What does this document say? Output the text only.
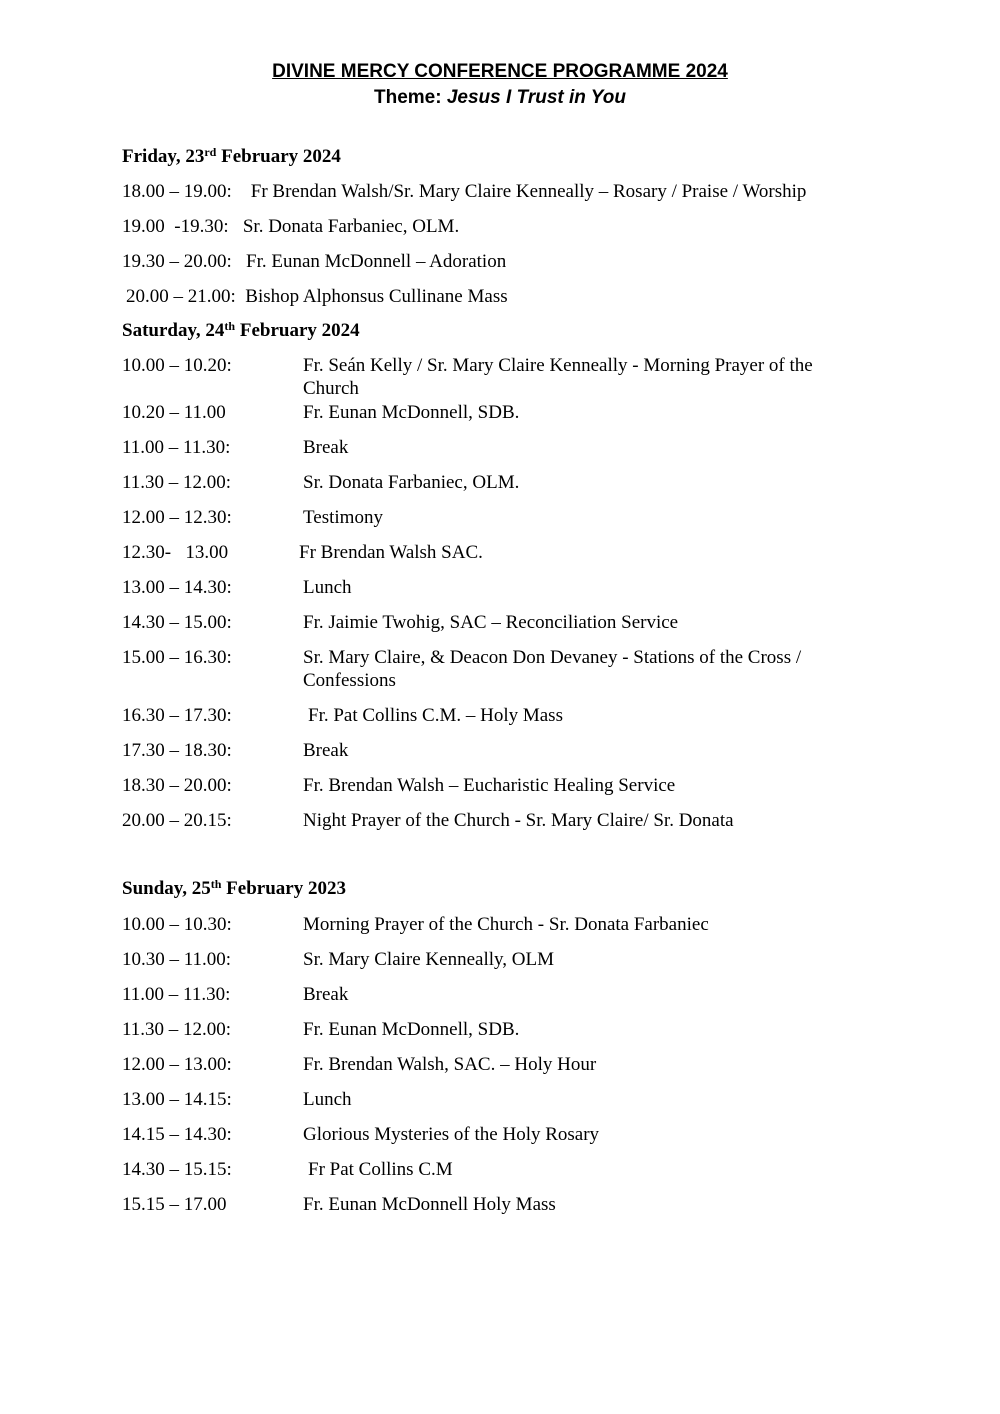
DIVINE MERCY CONFERENCE PROGRAMME 2024
Theme: Jesus I Trust in You
Friday, 23rd February 2024
18.00 – 19.00: Fr Brendan Walsh/Sr. Mary Claire Kenneally – Rosary / Praise / Worship
19.00  -19.30: Sr. Donata Farbaniec, OLM.
19.30 – 20.00: Fr. Eunan McDonnell – Adoration
20.00 – 21.00: Bishop Alphonsus Cullinane Mass
Saturday, 24th February 2024
10.00 – 10.20:	Fr. Seán Kelly / Sr. Mary Claire Kenneally - Morning Prayer of the Church
10.20 – 11.00	Fr. Eunan McDonnell, SDB.
11.00 – 11.30:	Break
11.30 – 12.00:	Sr. Donata Farbaniec, OLM.
12.00 – 12.30:	Testimony
12.30-   13.00	Fr Brendan Walsh SAC.
13.00 – 14.30:	Lunch
14.30 – 15.00:	Fr. Jaimie Twohig, SAC – Reconciliation Service
15.00 – 16.30:	Sr. Mary Claire, & Deacon Don Devaney - Stations of the Cross / Confessions
16.30 – 17.30:	Fr. Pat Collins C.M. – Holy Mass
17.30 – 18.30:	Break
18.30 – 20.00:	Fr. Brendan Walsh – Eucharistic Healing Service
20.00 – 20.15:	Night Prayer of the Church - Sr. Mary Claire/ Sr. Donata
Sunday, 25th February 2023
10.00 – 10.30:	Morning Prayer of the Church - Sr. Donata Farbaniec
10.30 – 11.00:	Sr. Mary Claire Kenneally, OLM
11.00 – 11.30:	Break
11.30 – 12.00:	Fr. Eunan McDonnell, SDB.
12.00 – 13.00:	Fr. Brendan Walsh, SAC. – Holy Hour
13.00 – 14.15:	Lunch
14.15 – 14.30:	Glorious Mysteries of the Holy Rosary
14.30 – 15.15:	Fr Pat Collins C.M
15.15 – 17.00	Fr. Eunan McDonnell Holy Mass
